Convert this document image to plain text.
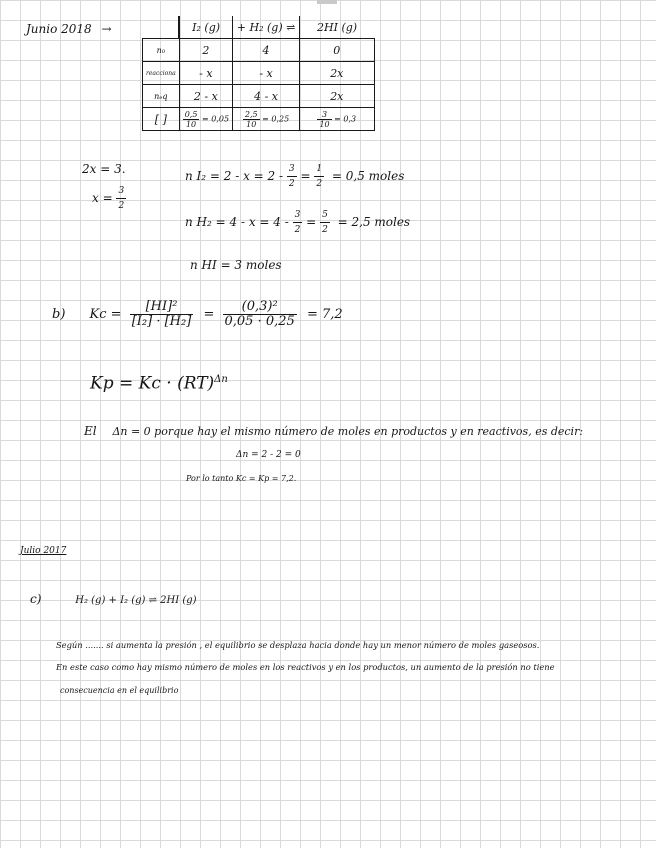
Junio 2018 →
		I₂ (g)	+ H₂ (g) ⇌	2HI (g)
n₀	2	4	0
reacciona	- x	- x	2x
nₑq	2 - x	4 - x	2x
[ ]	$\frac{0,5}{10} = 0,05$	$\frac{2,5}{10} = 0,25$	$\frac{3}{10} = 0,3$
2x = 3.
$x = \frac{3}{2}$
n $I_2 = 2 - x = 2 - \frac{3}{2} = \frac{1}{2} = 0,5$ moles
n $H_2 = 4 - x = 4 - \frac{3}{2} = \frac{5}{2} = 2,5$ moles
n HI = 3 moles
b) $Kc = \frac{\text{[HI]²}}{\text{[I₂] · [H₂]}} = \frac{\text{(0,3)²}}{0,05 \cdot 0,25} = 7,2$
Kp = Kc · (RT)$^{\Delta n}$
El Δn = 0 porque hay el mismo número de moles en productos y en reactivos, es decir:
Δn = 2 - 2 = 0
Por lo tanto Kc = Kp = 7,2.
Julio 2017
c)	H₂ (g) + I₂ (g) ⇌ 2HI (g)
Según ....... si aumenta la presión , el equilibrio se desplaza hacia donde hay un menor número de moles gaseosos.
En este caso como hay mismo número de moles en los reactivos y en los productos, un aumento de la presión no tiene
consecuencia en el equilibrio
